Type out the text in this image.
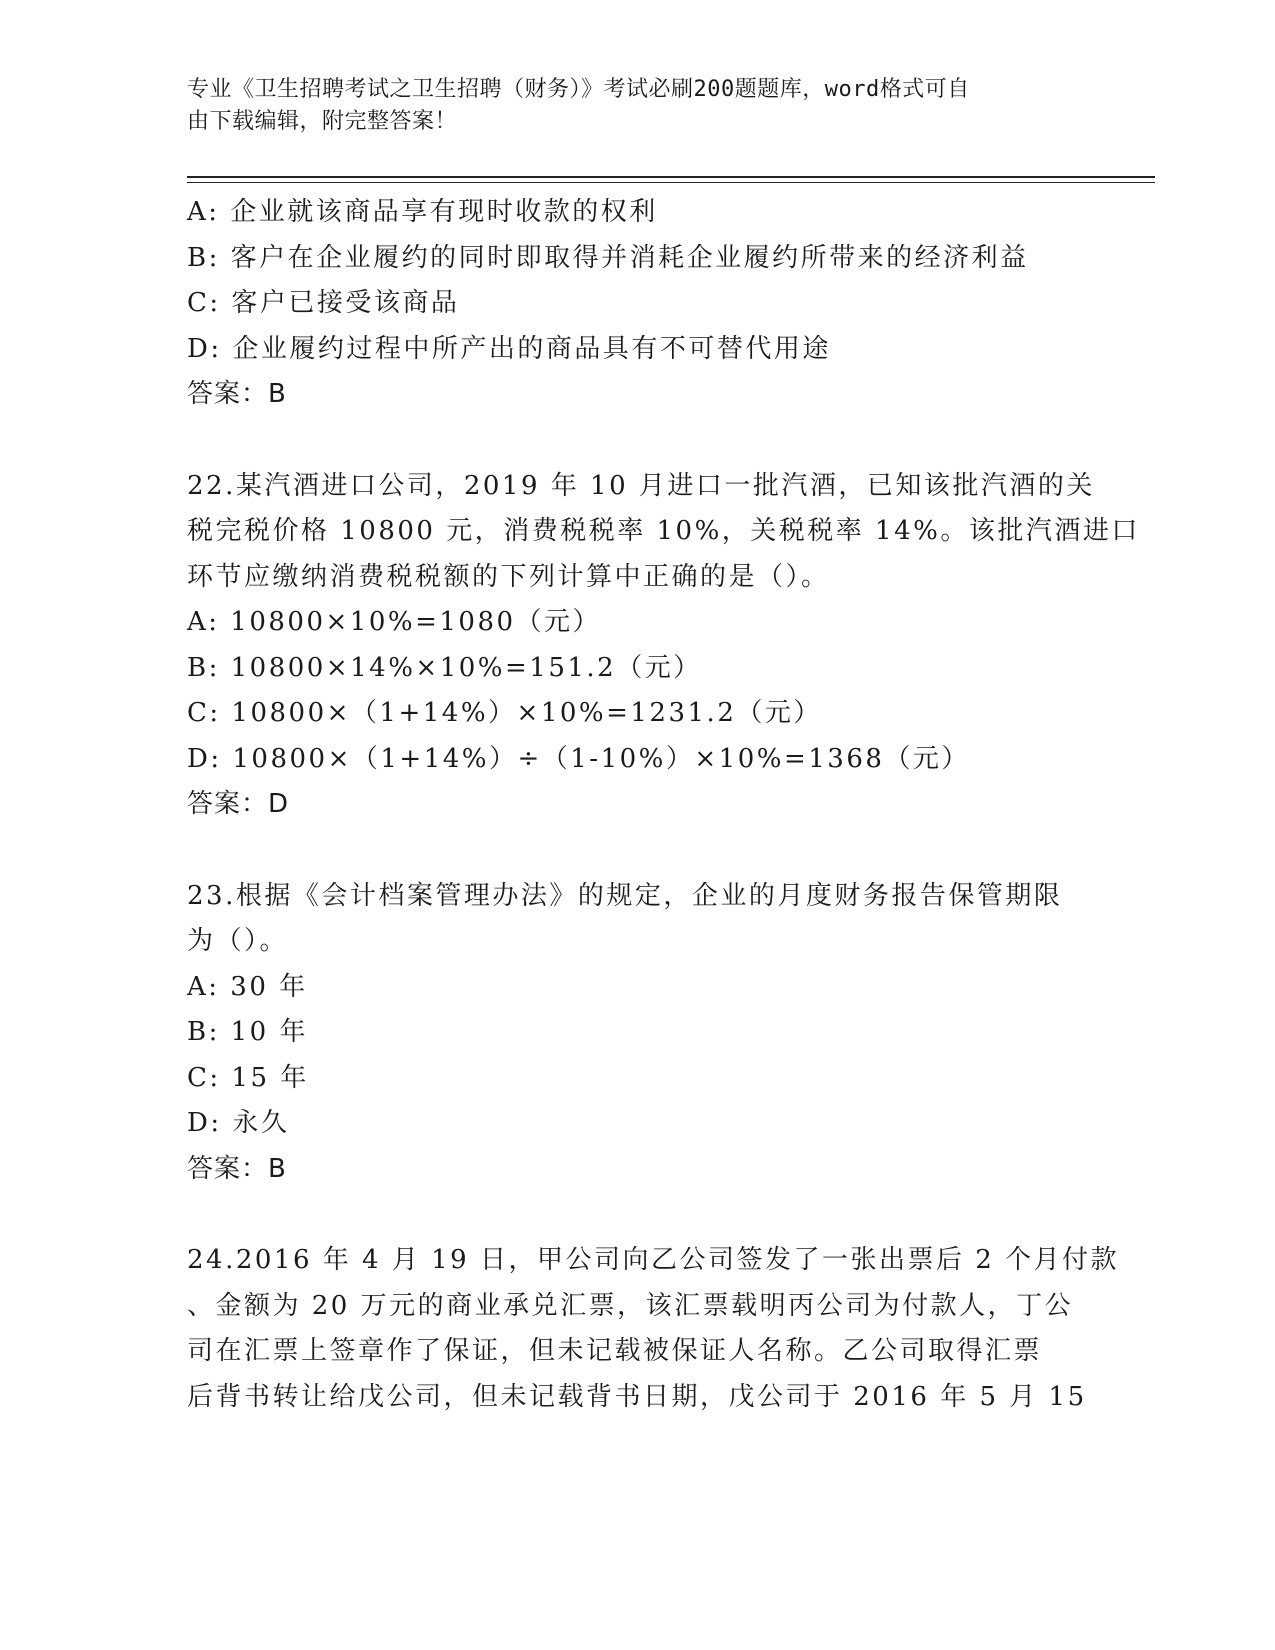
专业《卫生招聘考试之卫生招聘（财务）》考试必刷200题题库，word格式可自
由下载编辑，附完整答案！
A: 企业就该商品享有现时收款的权利
B: 客户在企业履约的同时即取得并消耗企业履约所带来的经济利益
C: 客户已接受该商品
D: 企业履约过程中所产出的商品具有不可替代用途
答案：B
22.某汽酒进口公司，2019 年 10 月进口一批汽酒，已知该批汽酒的关
税完税价格 10800 元，消费税税率 10%，关税税率 14%。该批汽酒进口
环节应缴纳消费税税额的下列计算中正确的是（）。
A: 10800×10%=1080（元）
B: 10800×14%×10%=151.2（元）
C: 10800×（1+14%）×10%=1231.2（元）
D: 10800×（1+14%）÷（1-10%）×10%=1368（元）
答案：D
23.根据《会计档案管理办法》的规定，企业的月度财务报告保管期限
为（）。
A: 30 年
B: 10 年
C: 15 年
D: 永久
答案：B
24.2016 年 4 月 19 日，甲公司向乙公司签发了一张出票后 2 个月付款
、金额为 20 万元的商业承兑汇票，该汇票载明丙公司为付款人，丁公
司在汇票上签章作了保证，但未记载被保证人名称。乙公司取得汇票
后背书转让给戊公司，但未记载背书日期，戊公司于 2016 年 5 月 15
